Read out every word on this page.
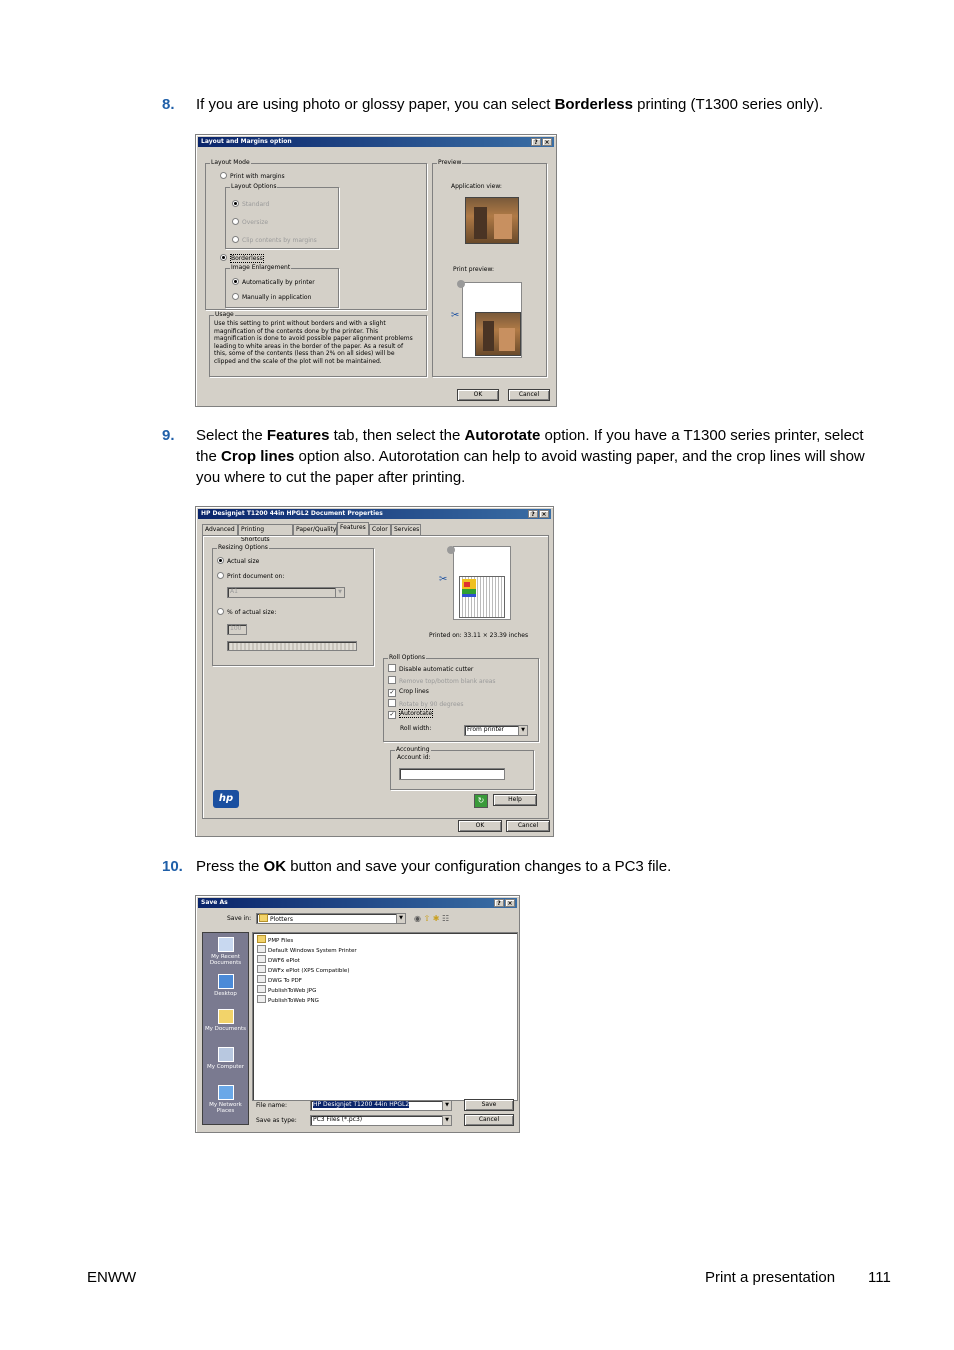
8. If you are using photo or glossy paper, you can select Borderless printing (T1300 series only).
Layout and Margins option	?	×
Layout Mode
Print with margins
Layout Options
Standard
Oversize
Clip contents by margins
Borderless
Image Enlargement
Automatically by printer
Manually in application
Usage
Use this setting to print without borders and with a slight magnification of the contents done by the printer. This magnification is done to avoid possible paper alignment problems leading to white areas in the border of the paper. As a result of this, some of the contents (less than 2% on all sides) will be clipped and the scale of the plot will not be maintained.
Preview
Application view:
Print preview:
✂
OK	Cancel
9. Select the Features tab, then select the Autorotate option. If you have a T1300 series printer, select the Crop lines option also. Autorotation can help to avoid wasting paper, and the crop lines will show you where to cut the paper after printing.
HP Designjet T1200 44in HPGL2 Document Properties	?	×
Advanced	Printing Shortcuts
Paper/Quality Features	Color	Services
Resizing Options
Actual size
Print document on:
A1	▼
% of actual size:
100
✂
Printed on: 33.11 × 23.39 inches
Roll Options
Disable automatic cutter
Remove top/bottom blank areas
✓ Crop lines
Rotate by 90 degrees
✓ Autorotate
Roll width:	From printer	▼
Accounting
Account id:
hp	↻	Help
OK	Cancel
10. Press the OK button and save your configuration changes to a PC3 file.
Save As	?	×
Save in:	Plotters	▼ ◉ ⇧ ✱ ☷
My Recent Documents
Desktop
My Documents
My Computer
My Network Places
PMP Files
Default Windows System Printer
DWF6 ePlot
DWFx ePlot (XPS Compatible)
DWG To PDF
PublishToWeb JPG
PublishToWeb PNG
File name:	HP Designjet T1200 44in HPGL2	▼
Save as type:	PC3 Files (*.pc3)	▼
Save
Cancel
ENWW	Print a presentation 111
